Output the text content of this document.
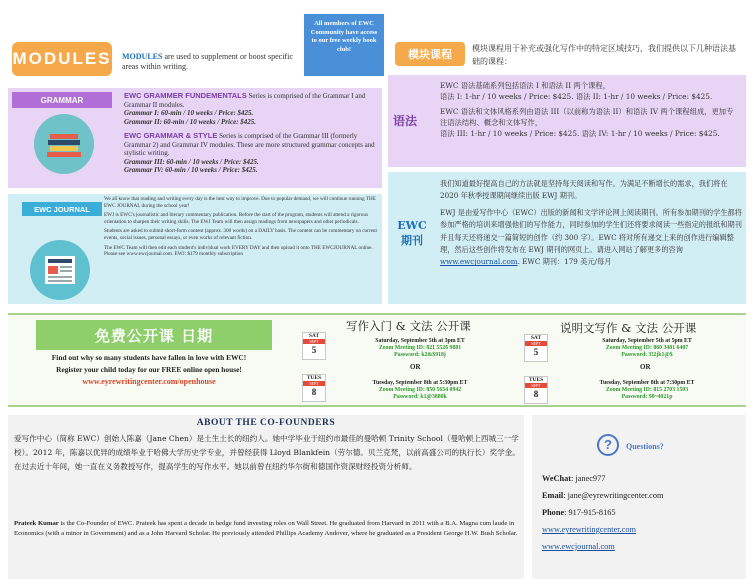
MODULES MODULES are used to supplement or boost specific areas within writing.
All members of EWC Community have access to our free weekly book club!	模块课程	模块课程用于补充或强化写作中的特定区域技巧，我们提供以下几种语法基础的课程：
GRAMMAR	EWC GRAMMER FUNDEMENTALS Series is comprised of the Grammar I and Grammar II modules.
Grammar I: 60-min / 10 weeks / Price: $425.
Grammar II: 60-min / 10 weeks / Price: $425.
EWC GRAMMAR & STYLE Series is comprised of the Grammar III (formerly Grammar 2) and Grammar IV modules. These are more structured grammar concepts and stylistic writing.
Grammar III: 60-min / 10 weeks / Price: $425.
Grammar IV: 60-min / 10 weeks / Price: $425.
EWC JOURNAL

We all know that reading and writing every day is the best way to improve. Due to popular demand, we will continue running THE EWC JOURNAL during the school year!

EWJ is EWC's journalistic and literary commentary publication. Before the start of the program, students will attend a rigorous orientation to sharpen their writing skills. The EWJ Team will then assign readings from newspapers and other periodicals.

Students are asked to submit short-form content (approx. 300 words) on a DAILY basis. The content can be commentary on current events, social issues, personal essays, or even works of relevant fiction.

The EWC Team will then edit each student's individual work EVERY DAY and then upload it onto THE EWCJOURNAL online. Please see www.ewcjournal.com. EWJ: $179 monthly subscription

语法

EWC 语法基础系列包括语法 I 和语法 II 两个课程，
语法 I: 1-hr / 10 weeks / Price: $425. 语法 II: 1-hr / 10 weeks / Price: $425.

EWC 语法和文体风格系列由语法 III（以前称为语法 II）和语法 IV 两个课程组成，更加专注语法结构、概念和文体写作，
语法 III: 1-hr / 10 weeks / Price: $425. 语法 IV: 1-hr / 10 weeks / Price: $425.

EWC
期刊

我们知道最好提高自己的方法就是坚持每天阅读和写作。为满足不断增长的需求，我们将在 2020 年秋季授课期间继续出版 EWJ 期刊。

EWJ 是由爱写作中心（EWC）出版的新闻和文学评论网上阅读期刊。所有参加期刊的学生都将参加严格的培训来增强他们的写作能力，同时参加的学生们还将要求阅读一些指定的报纸和期刊并且每天还将递交一篇简短的创作（约 300 字）。EWC 将对所有递交上来的创作进行编辑整理，然后这些创作将发布在 EWJ 期刊的网页上。请进入网站了解更多的咨询 www.ewcjournal.com. EWC 期刊：179 美元/每月

免费公开课 日期
Find out why so many students have fallen in love with EWC!
Register your child today for our FREE online open house!
www.eyrewritingcenter.com/openhouse
写作入门 & 文法 公开课
SAT
SEPT
5
Saturday, September 5th at 3pm ET
Zoom Meeting ID: 821 5526 9881
Password: k2&$918j
OR
TUES
SEPT
8
Tuesday, September 8th at 5:30pm ET
Zoom Meeting ID: 850 5654 0942
Password: k1@3880k
说明文写作 & 文法 公开课
SAT
SEPT
5
Saturday, September 5th at 5pm ET
Zoom Meeting ID: 860 3481 6407
Password: 3!2jk1@$
OR
TUES
SEPT
8
Tuesday, September 8th at 7:30pm ET
Zoom Meeting ID: 815 2703 1503
Password: 90~4021p
ABOUT THE CO-FOUNDERS
爱写作中心（简称 EWC）创始人陈嘉（Jane Chen）是土生土长的纽约人。她中学毕业于纽约市最佳的曼哈顿 Trinity School（曼哈顿上西城三一学校）。2012 年，陈嘉以优异的成绩毕业于哈佛大学历史学专业，并曾经获得 Lloyd Blankfein（劳尔德。贝兰克梵，以前高盛公司的执行长）奖学金。在过去近十年间，她一直在义务教授写作，提高学生的写作水平。她以前曾在纽约华尔街和德国作资深财经投资分析师。
Prateek Kumar is the Co-Founder of EWC. Prateek has spent a decade in hedge fund investing roles on Wall Street. He graduated from Harvard in 2011 with a B.A. Magna cum laude in Economics (with a minor in Government) and as a John Harvard Scholar. He previously attended Phillips Academy Andover, where he graduated as a President George H.W. Bush Scholar.
?	Questions?
WeChat: janec977
Email: jane@eyrewritingcenter.com
Phone: 917-915-8165
www.eyrewritingcenter.com
www.ewcjournal.com
